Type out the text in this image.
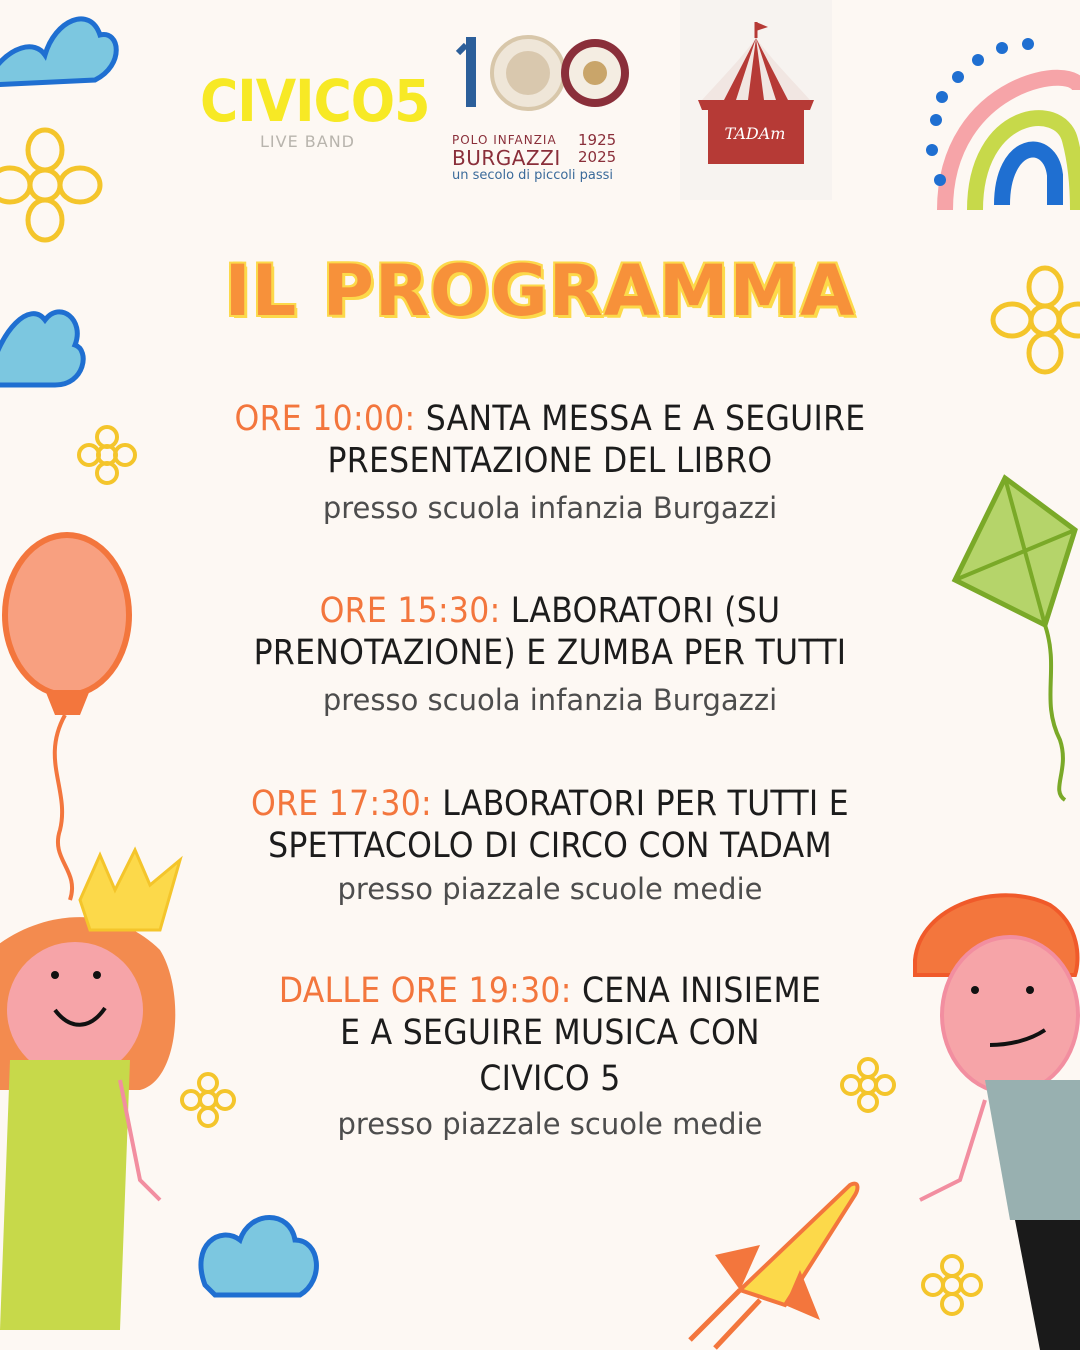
CIVICO5
LIVE BAND	POLO INFANZIA 1925
BURGAZZI 2025
un secolo di piccoli passi
TADAm
IL PROGRAMMA
ORE 10:00: SANTA MESSA E A SEGUIRE
PRESENTAZIONE DEL LIBRO
presso scuola infanzia Burgazzi
ORE 15:30: LABORATORI (SU
PRENOTAZIONE) E ZUMBA PER TUTTI
presso scuola infanzia Burgazzi
ORE 17:30: LABORATORI PER TUTTI E
SPETTACOLO DI CIRCO CON TADAM
presso piazzale scuole medie
DALLE ORE 19:30: CENA INISIEME
E A SEGUIRE MUSICA CON
CIVICO 5
presso piazzale scuole medie
